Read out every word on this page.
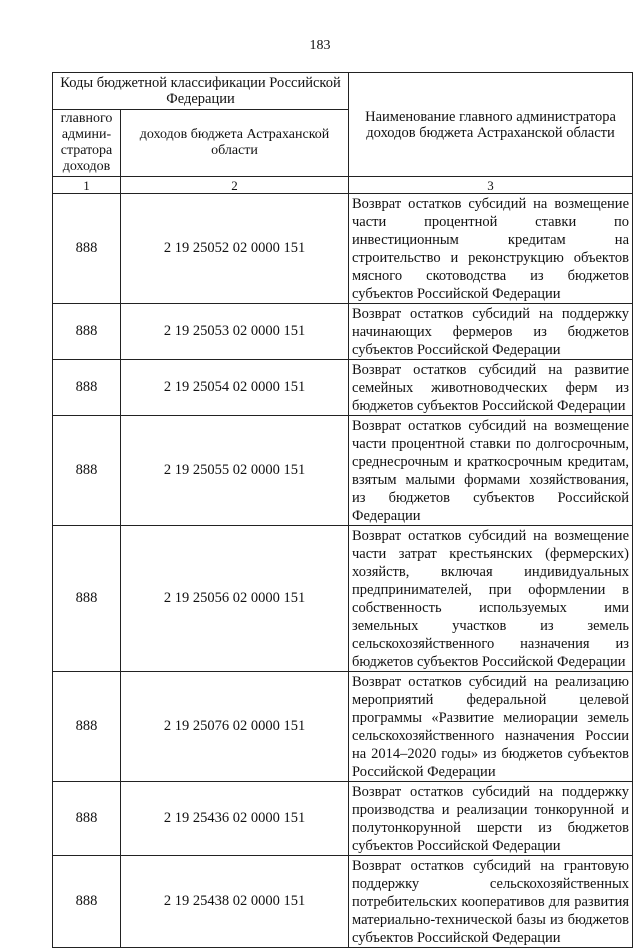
183
Коды бюджетной классификации Российской Федерации		Наименование главного администратора доходов бюджета Астраханской области
главного админи-стратора доходов	доходов бюджета Астраханской области	
1	2	3
888	2 19 25052 02 0000 151	Возврат остатков субсидий на возмещение части процентной ставки по инвестиционным кредитам на строительство и реконструкцию объектов мясного скотоводства из бюджетов субъектов Российской Федерации
888	2 19 25053 02 0000 151	Возврат остатков субсидий на поддержку начинающих фермеров из бюджетов субъектов Российской Федерации
888	2 19 25054 02 0000 151	Возврат остатков субсидий на развитие семейных животноводческих ферм из бюджетов субъектов Российской Федерации
888	2 19 25055 02 0000 151	Возврат остатков субсидий на возмещение части процентной ставки по долгосрочным, среднесрочным и краткосрочным кредитам, взятым малыми формами хозяйствования, из бюджетов субъектов Российской Федерации
888	2 19 25056 02 0000 151	Возврат остатков субсидий на возмещение части затрат крестьянских (фермерских) хозяйств, включая индивидуальных предпринимателей, при оформлении в собственность используемых ими земельных участков из земель сельскохозяйственного назначения из бюджетов субъектов Российской Федерации
888	2 19 25076 02 0000 151	Возврат остатков субсидий на реализацию мероприятий федеральной целевой программы «Развитие мелиорации земель сельскохозяйственного назначения России на 2014–2020 годы» из бюджетов субъектов Российской Федерации
888	2 19 25436 02 0000 151	Возврат остатков субсидий на поддержку производства и реализации тонкорунной и полутонкорунной шерсти из бюджетов субъектов Российской Федерации
888	2 19 25438 02 0000 151	Возврат остатков субсидий на грантовую поддержку сельскохозяйственных потребительских кооперативов для развития материально-технической базы из бюджетов субъектов Российской Федерации
